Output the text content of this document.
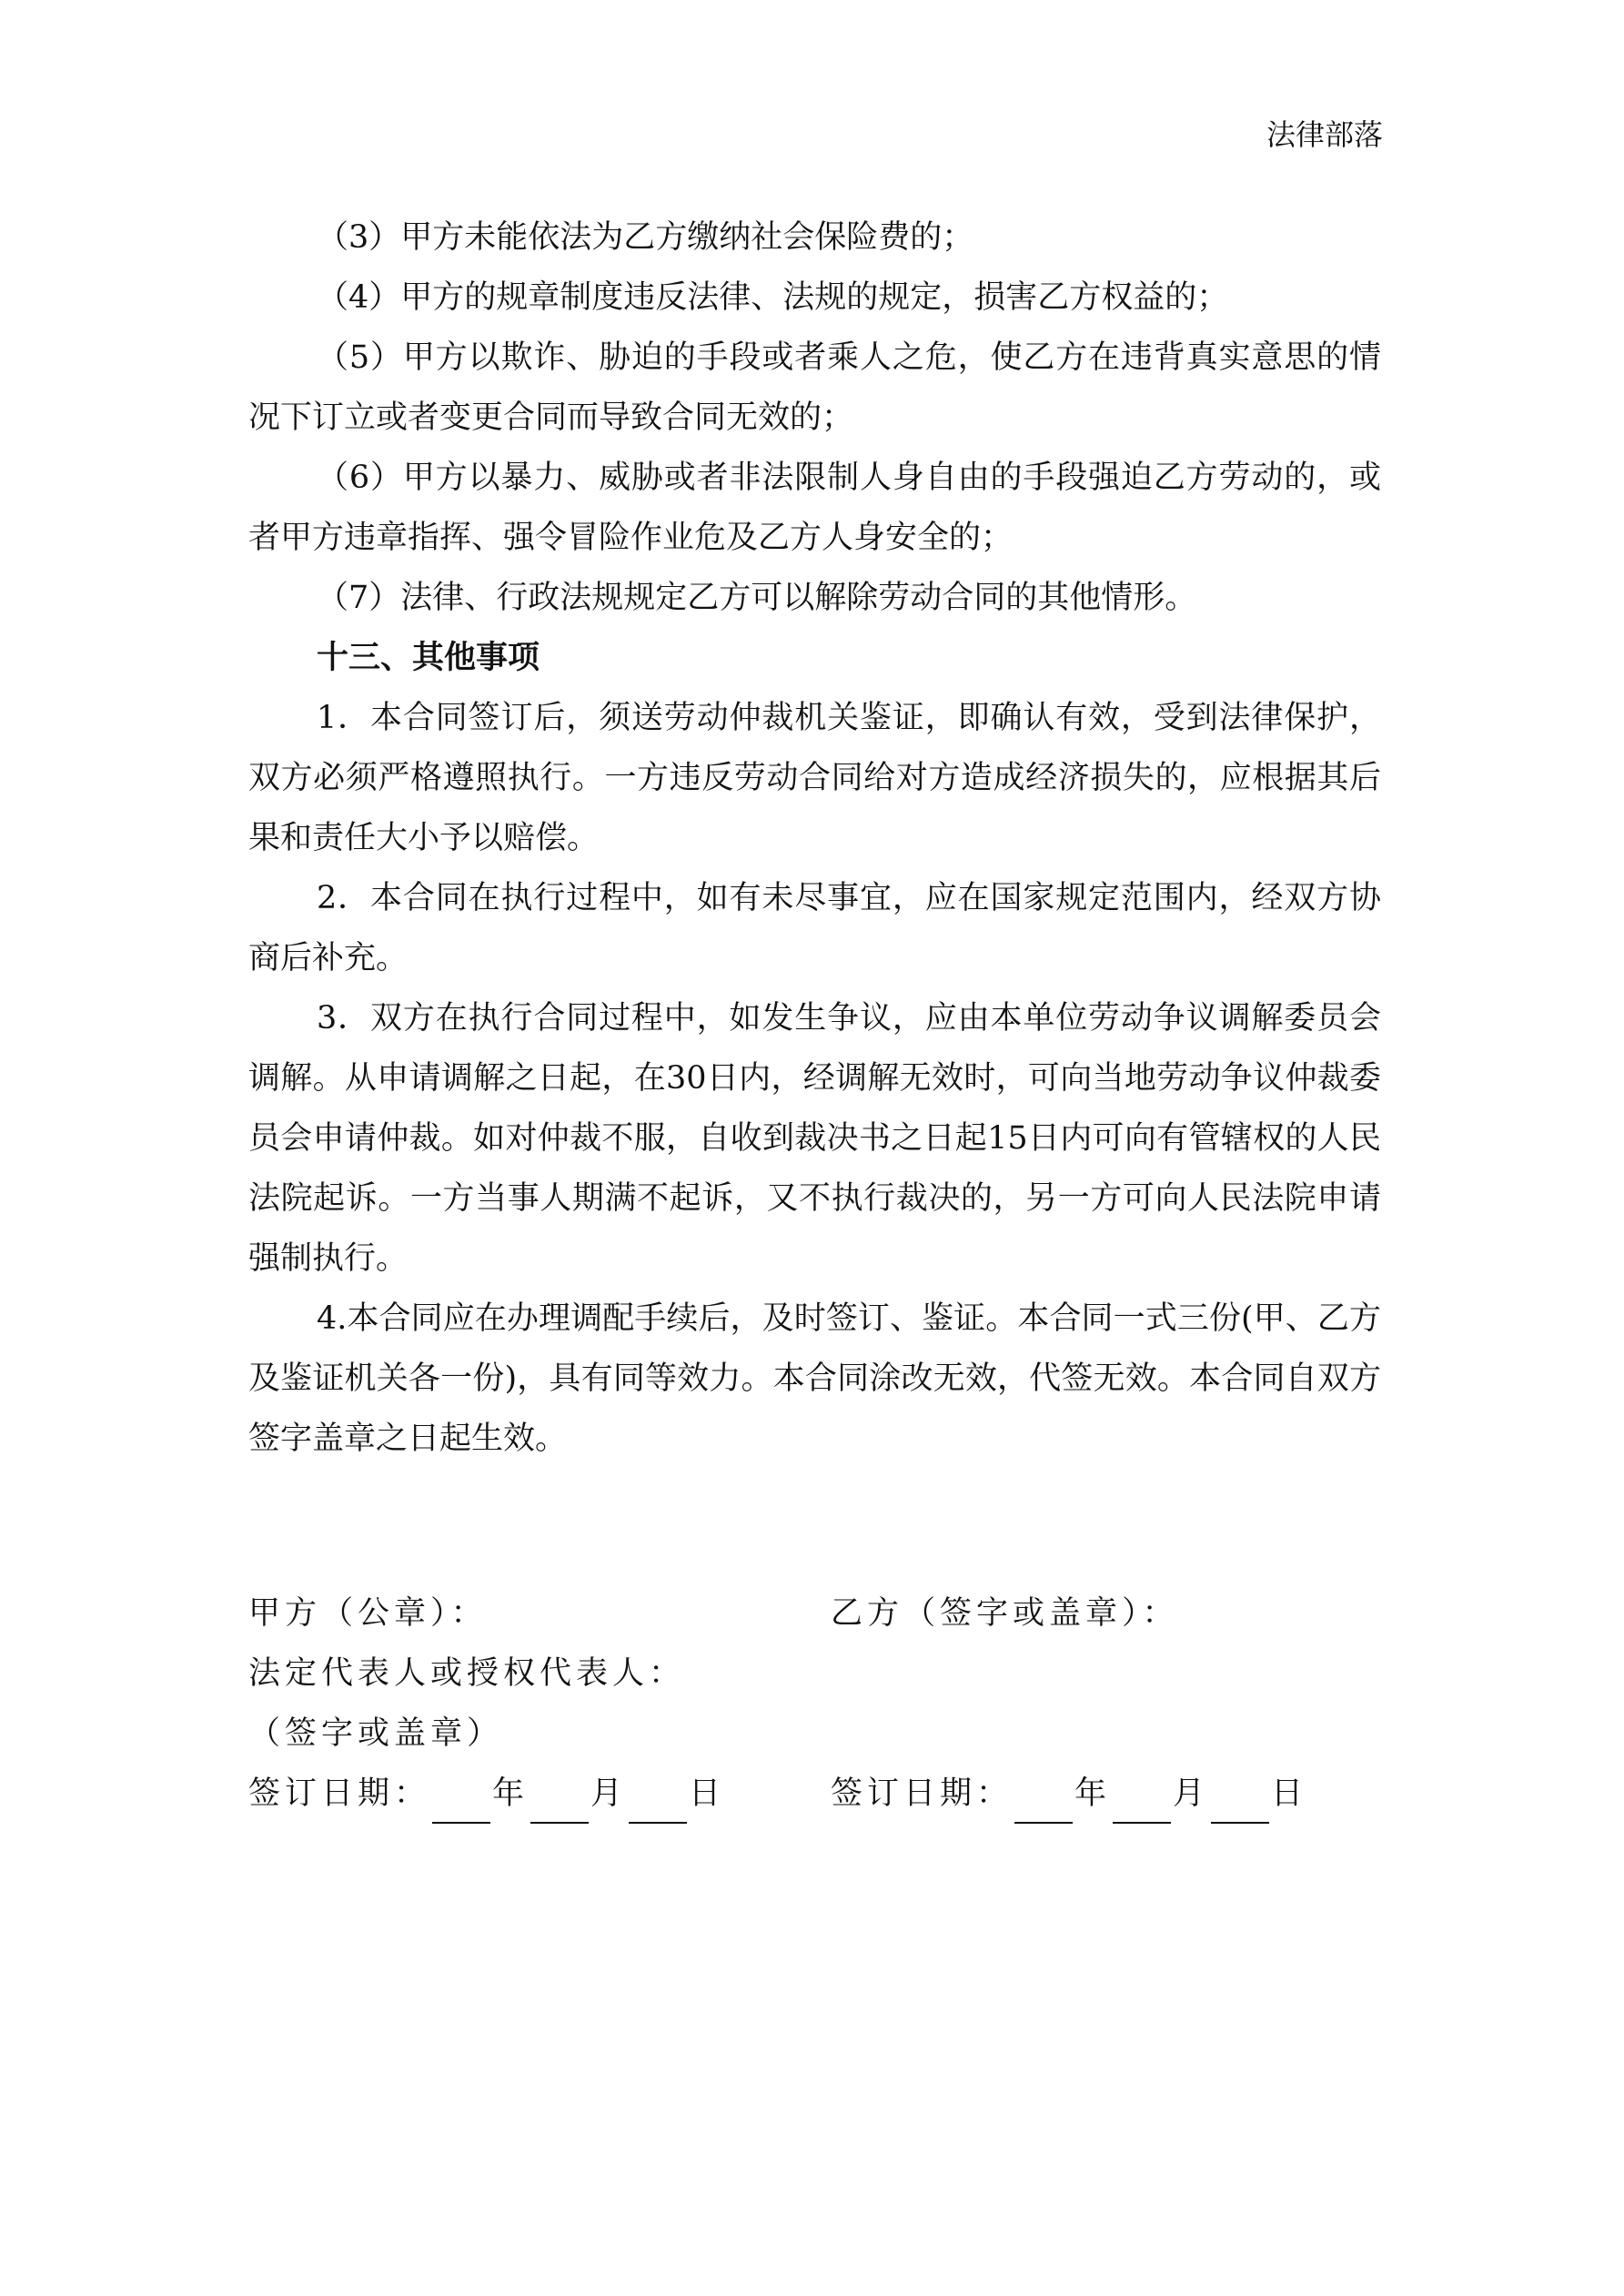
法律部落

（3）甲方未能依法为乙方缴纳社会保险费的；

（4）甲方的规章制度违反法律、法规的规定，损害乙方权益的；

（5）甲方以欺诈、胁迫的手段或者乘人之危，使乙方在违背真实意思的情况下订立或者变更合同而导致合同无效的；

（6）甲方以暴力、威胁或者非法限制人身自由的手段强迫乙方劳动的，或者甲方违章指挥、强令冒险作业危及乙方人身安全的；

（7）法律、行政法规规定乙方可以解除劳动合同的其他情形。

十三、其他事项

1．本合同签订后，须送劳动仲裁机关鉴证，即确认有效，受到法律保护，双方必须严格遵照执行。一方违反劳动合同给对方造成经济损失的，应根据其后果和责任大小予以赔偿。

2．本合同在执行过程中，如有未尽事宜，应在国家规定范围内，经双方协商后补充。

3．双方在执行合同过程中，如发生争议，应由本单位劳动争议调解委员会调解。从申请调解之日起，在30日内，经调解无效时，可向当地劳动争议仲裁委员会申请仲裁。如对仲裁不服，自收到裁决书之日起15日内可向有管辖权的人民法院起诉。一方当事人期满不起诉，又不执行裁决的，另一方可向人民法院申请强制执行。

4.本合同应在办理调配手续后，及时签订、鉴证。本合同一式三份(甲、乙方及鉴证机关各一份)，具有同等效力。本合同涂改无效，代签无效。本合同自双方签字盖章之日起生效。

甲方（公章）：	乙方（签字或盖章）：
法定代表人或授权代表人：
（签字或盖章）
签订日期： 年 月 日	签订日期： 年 月 日
